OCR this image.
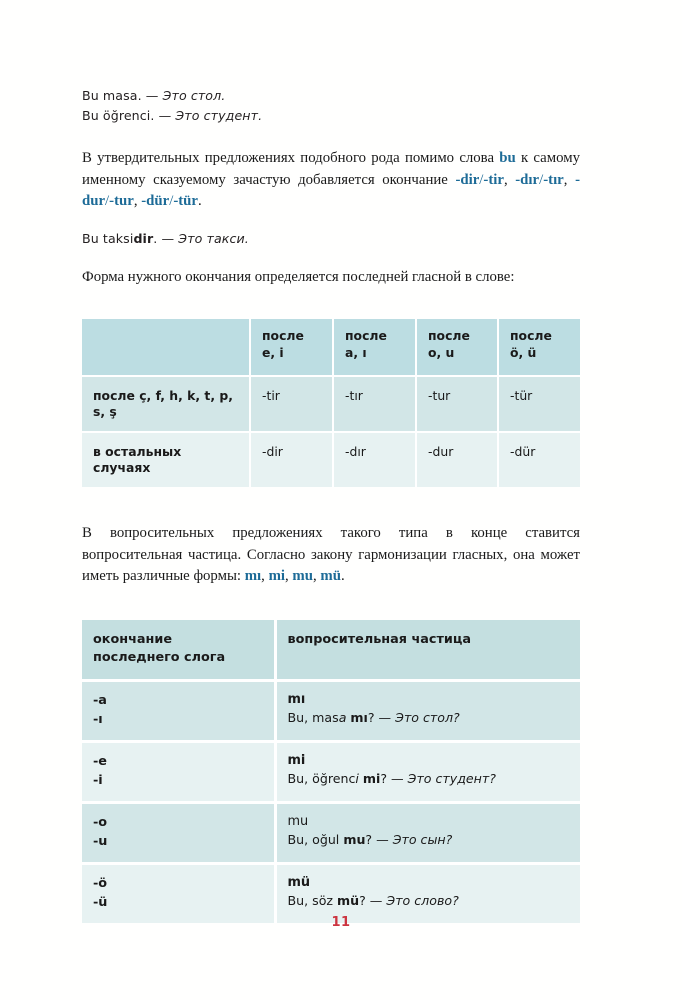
Bu masa. — Это стол.
Bu öğrenci. — Это студент.

В утвердительных предложениях подобного рода помимо слова bu к самому именному сказуемому зачастую добавляется окончание -dir/-tir, -dır/-tır, -dur/-tur, -dür/-tür.

Bu taksidir. — Это такси.

Форма нужного окончания определяется последней гласной в слове:

	после
e, i	после
a, ı	после
o, u	после
ö, ü
после ç, f, h, k, t, p, s, ş	-tir	-tır	-tur	-tür
в остальных случаях	-dir	-dır	-dur	-dür

В вопросительных предложениях такого типа в конце ставится вопросительная частица. Согласно закону гармонизации гласных, она может иметь различные формы: mı, mi, mu, mü.

окончание
последнего слога	вопросительная частица

-a
-ı	mı
Bu, masa mı? — Это стол?

-e
-i	mi
Bu, öğrenci mi? — Это студент?

-o
-u	mu
Bu, oğul mu? — Это сын?

-ö
-ü	mü
Bu, söz mü? — Это слово?
11
